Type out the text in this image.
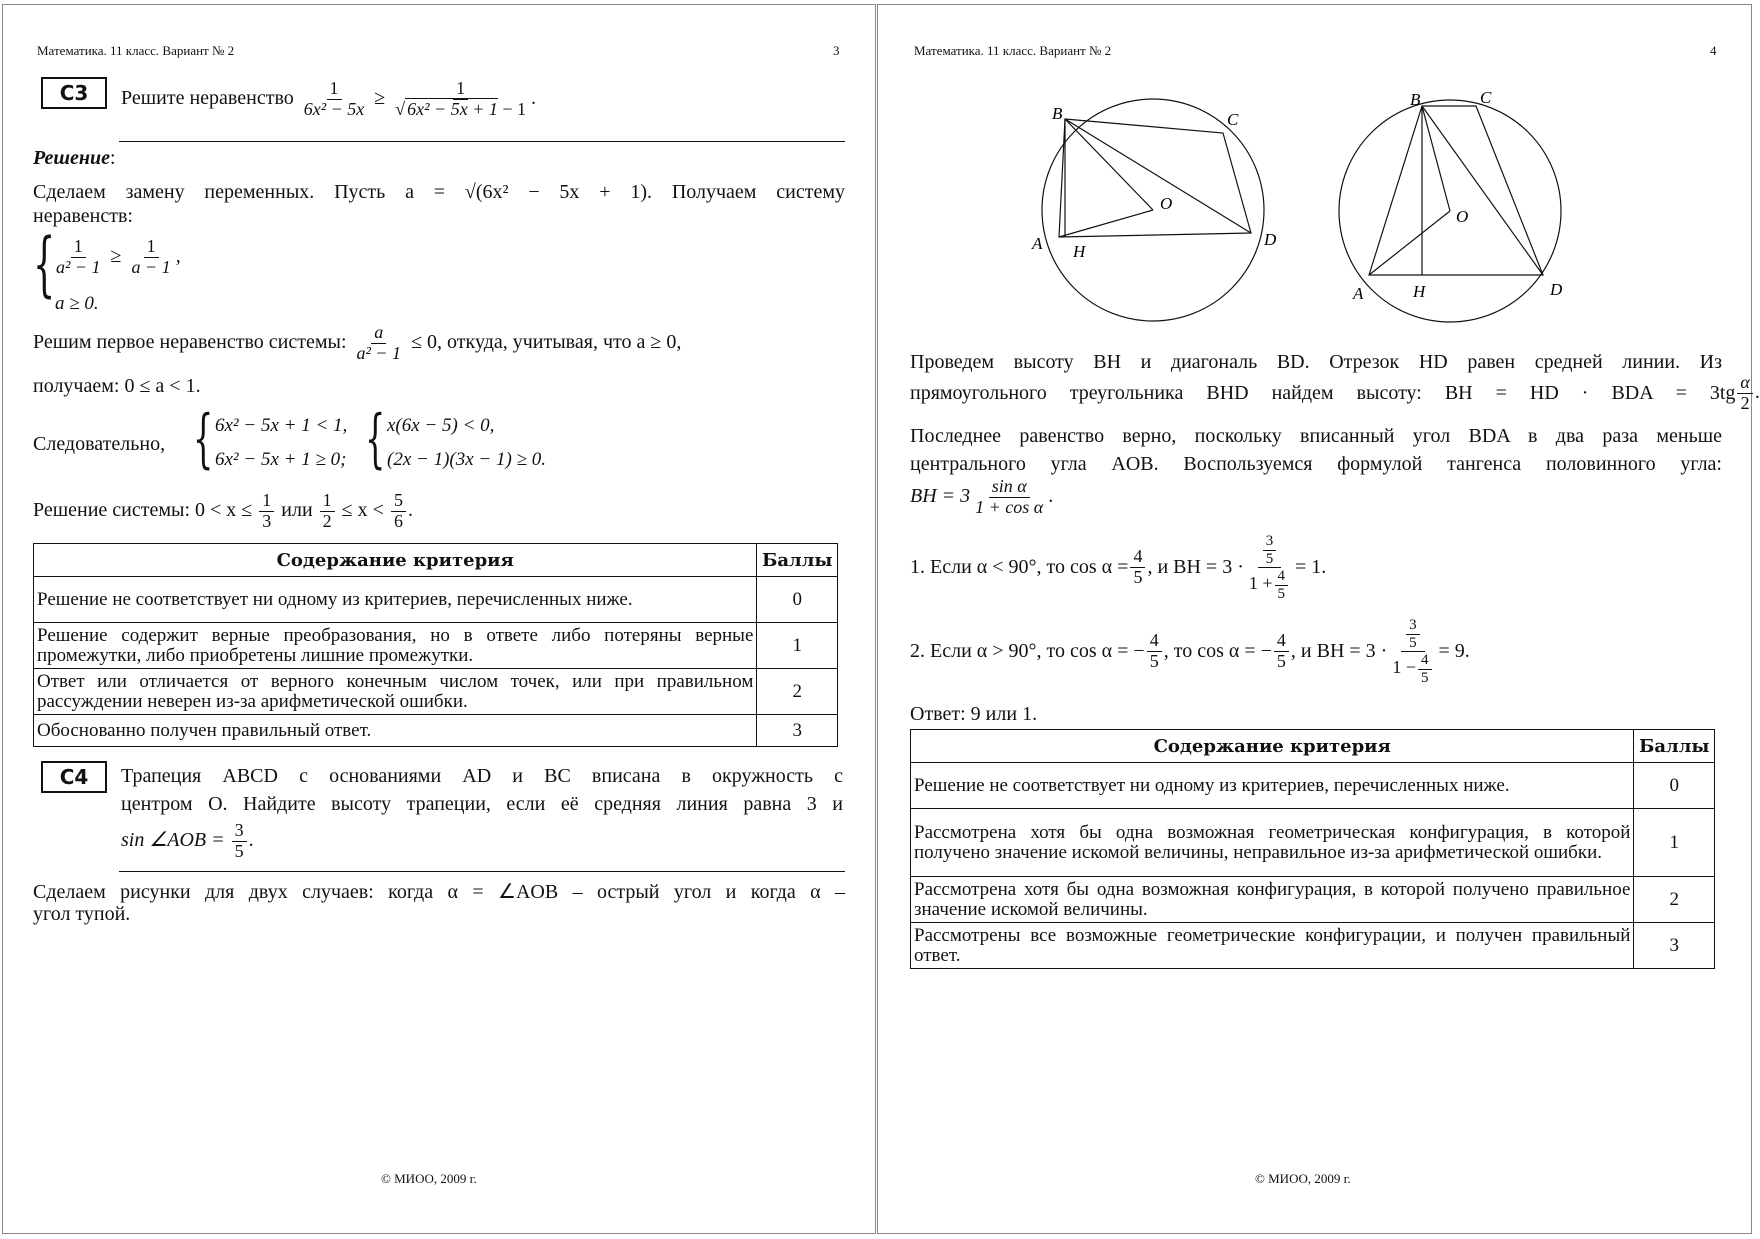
Математика. 11 класс. Вариант № 2	3
C3	Решите неравенство $\frac{1}{\text{6x² − 5x}} \ge \frac{1}{\text{√ 6x² − 5x + 1 − 1}}$ .
Решение:
Сделаем замену переменных. Пусть a = √(6x² − 5x + 1). Получаем систему
неравенств:
{
$\frac{1}{\text{a² − 1}} \ge \frac{1}{a - 1}$ ,
a ≥ 0.
Решим первое неравенство системы: $\frac{a}{\text{a² − 1}} \le 0$, откуда, учитывая, что a ≥ 0,
получаем: 0 ≤ a < 1.
Следовательно, { 6x² − 5x + 1 < 1,
6x² − 5x + 1 ≥ 0; { x(6x − 5) < 0,
(2x − 1)(3x − 1) ≥ 0.
Решение системы: $0 < x \le \frac{1}{3}$ или $\frac{1}{2} \le x < \frac{5}{6}$ .
Содержание критерия	Баллы
Решение не соответствует ни одному из критериев, перечисленных ниже.	0
Решение содержит верные преобразования, но в ответе либо потеряны верные промежутки, либо приобретены лишние промежутки.	1
Ответ или отличается от верного конечным числом точек, или при правильном рассуждении неверен из-за арифметической ошибки.	2
Обоснованно получен правильный ответ.	3
C4	Трапеция ABCD с основаниями AD и BC вписана в окружность с
центром O. Найдите высоту трапеции, если её средняя линия равна 3 и
sin ∠AOB = $\frac{3}{5}$ .
Сделаем рисунки для двух случаев: когда α = ∠AOB – острый угол и когда α –
угол тупой.
© МИОО, 2009 г.
Математика. 11 класс. Вариант № 2	4
B	C
A H
O
D
B	C
A	H
O
D
Проведем высоту BH и диагональ BD. Отрезок HD равен средней линии. Из
прямоугольного треугольника BHD найдем высоту: BH = HD · BDA = $3tg \frac{\alpha}{2}$ .
Последнее равенство верно, поскольку вписанный угол BDA в два раза меньше
центрального угла AOB. Воспользуемся формулой тангенса половинного угла:
BH = $3 \frac{\text{sin α}}{\text{1 + cos α}}$ .
1. Если α < 90°, то $\cos \alpha = \frac{4}{5}$ , и BH = $3 \cdot \frac{\frac{3}{5}}{1 + \frac{4}{5}} = 1$.
2. Если α > 90°, то cos α = − $\frac{4}{5}$ , то cos α = − $\frac{4}{5}$ , и BH = $3 \cdot \frac{\frac{3}{5}}{1 - \frac{4}{5}} = 9$.
Ответ: 9 или 1.
Содержание критерия	Баллы
Решение не соответствует ни одному из критериев, перечисленных ниже.	0
Рассмотрена хотя бы одна возможная геометрическая конфигурация, в которой получено значение искомой величины, неправильное из-за арифметической ошибки.	1
Рассмотрена хотя бы одна возможная конфигурация, в которой получено правильное значение искомой величины.	2
Рассмотрены все возможные геометрические конфигурации, и получен правильный ответ.	3
© МИОО, 2009 г.
